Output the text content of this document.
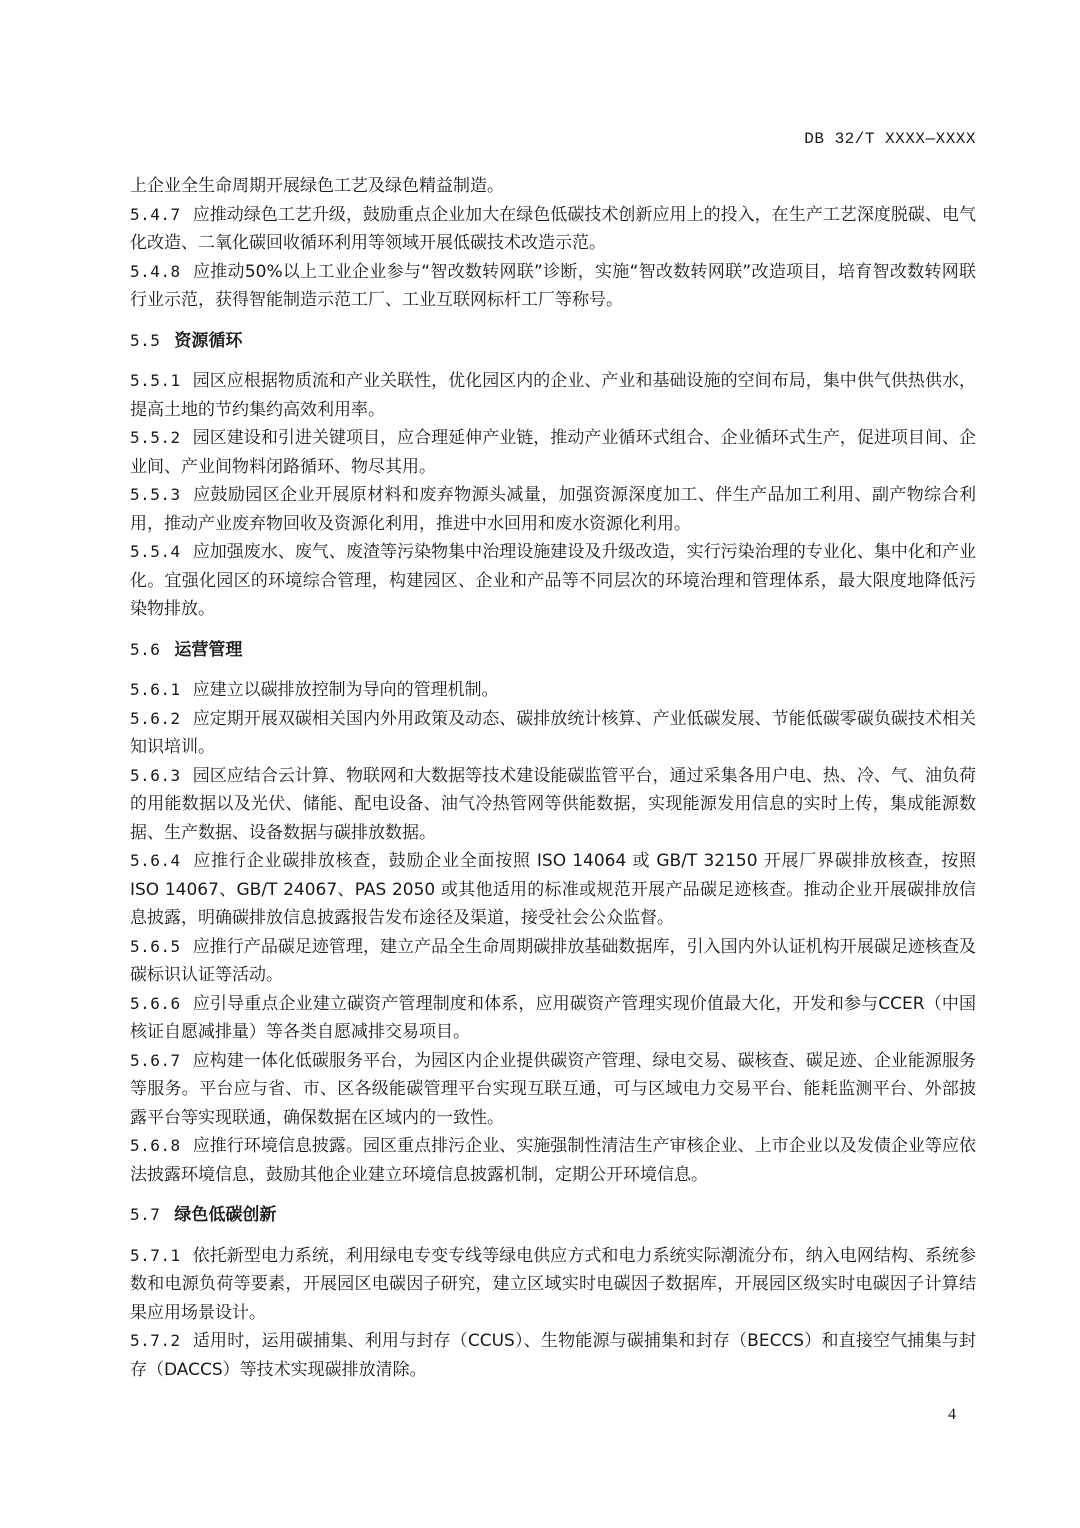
DB 32/T XXXX—XXXX
上企业全生命周期开展绿色工艺及绿色精益制造。
5.4.7 应推动绿色工艺升级，鼓励重点企业加大在绿色低碳技术创新应用上的投入，在生产工艺深度脱碳、电气化改造、二氧化碳回收循环利用等领域开展低碳技术改造示范。
5.4.8 应推动50%以上工业企业参与“智改数转网联”诊断，实施“智改数转网联”改造项目，培育智改数转网联行业示范，获得智能制造示范工厂、工业互联网标杆工厂等称号。
5.5 资源循环
5.5.1 园区应根据物质流和产业关联性，优化园区内的企业、产业和基础设施的空间布局，集中供气供热供水，提高土地的节约集约高效利用率。
5.5.2 园区建设和引进关键项目，应合理延伸产业链，推动产业循环式组合、企业循环式生产，促进项目间、企业间、产业间物料闭路循环、物尽其用。
5.5.3 应鼓励园区企业开展原材料和废弃物源头减量，加强资源深度加工、伴生产品加工利用、副产物综合利用，推动产业废弃物回收及资源化利用，推进中水回用和废水资源化利用。
5.5.4 应加强废水、废气、废渣等污染物集中治理设施建设及升级改造，实行污染治理的专业化、集中化和产业化。宜强化园区的环境综合管理，构建园区、企业和产品等不同层次的环境治理和管理体系，最大限度地降低污染物排放。
5.6 运营管理
5.6.1 应建立以碳排放控制为导向的管理机制。
5.6.2 应定期开展双碳相关国内外用政策及动态、碳排放统计核算、产业低碳发展、节能低碳零碳负碳技术相关知识培训。
5.6.3 园区应结合云计算、物联网和大数据等技术建设能碳监管平台，通过采集各用户电、热、冷、气、油负荷的用能数据以及光伏、储能、配电设备、油气冷热管网等供能数据，实现能源发用信息的实时上传，集成能源数据、生产数据、设备数据与碳排放数据。
5.6.4 应推行企业碳排放核查，鼓励企业全面按照 ISO 14064 或 GB/T 32150 开展厂界碳排放核查，按照 ISO 14067、GB/T 24067、PAS 2050 或其他适用的标准或规范开展产品碳足迹核查。推动企业开展碳排放信息披露，明确碳排放信息披露报告发布途径及渠道，接受社会公众监督。
5.6.5 应推行产品碳足迹管理，建立产品全生命周期碳排放基础数据库，引入国内外认证机构开展碳足迹核查及碳标识认证等活动。
5.6.6 应引导重点企业建立碳资产管理制度和体系，应用碳资产管理实现价值最大化，开发和参与CCER（中国核证自愿减排量）等各类自愿减排交易项目。
5.6.7 应构建一体化低碳服务平台，为园区内企业提供碳资产管理、绿电交易、碳核查、碳足迹、企业能源服务等服务。平台应与省、市、区各级能碳管理平台实现互联互通，可与区域电力交易平台、能耗监测平台、外部披露平台等实现联通，确保数据在区域内的一致性。
5.6.8 应推行环境信息披露。园区重点排污企业、实施强制性清洁生产审核企业、上市企业以及发债企业等应依法披露环境信息，鼓励其他企业建立环境信息披露机制，定期公开环境信息。
5.7 绿色低碳创新
5.7.1 依托新型电力系统，利用绿电专变专线等绿电供应方式和电力系统实际潮流分布，纳入电网结构、系统参数和电源负荷等要素，开展园区电碳因子研究，建立区域实时电碳因子数据库，开展园区级实时电碳因子计算结果应用场景设计。
5.7.2 适用时，运用碳捕集、利用与封存（CCUS）、生物能源与碳捕集和封存（BECCS）和直接空气捕集与封存（DACCS）等技术实现碳排放清除。
4
